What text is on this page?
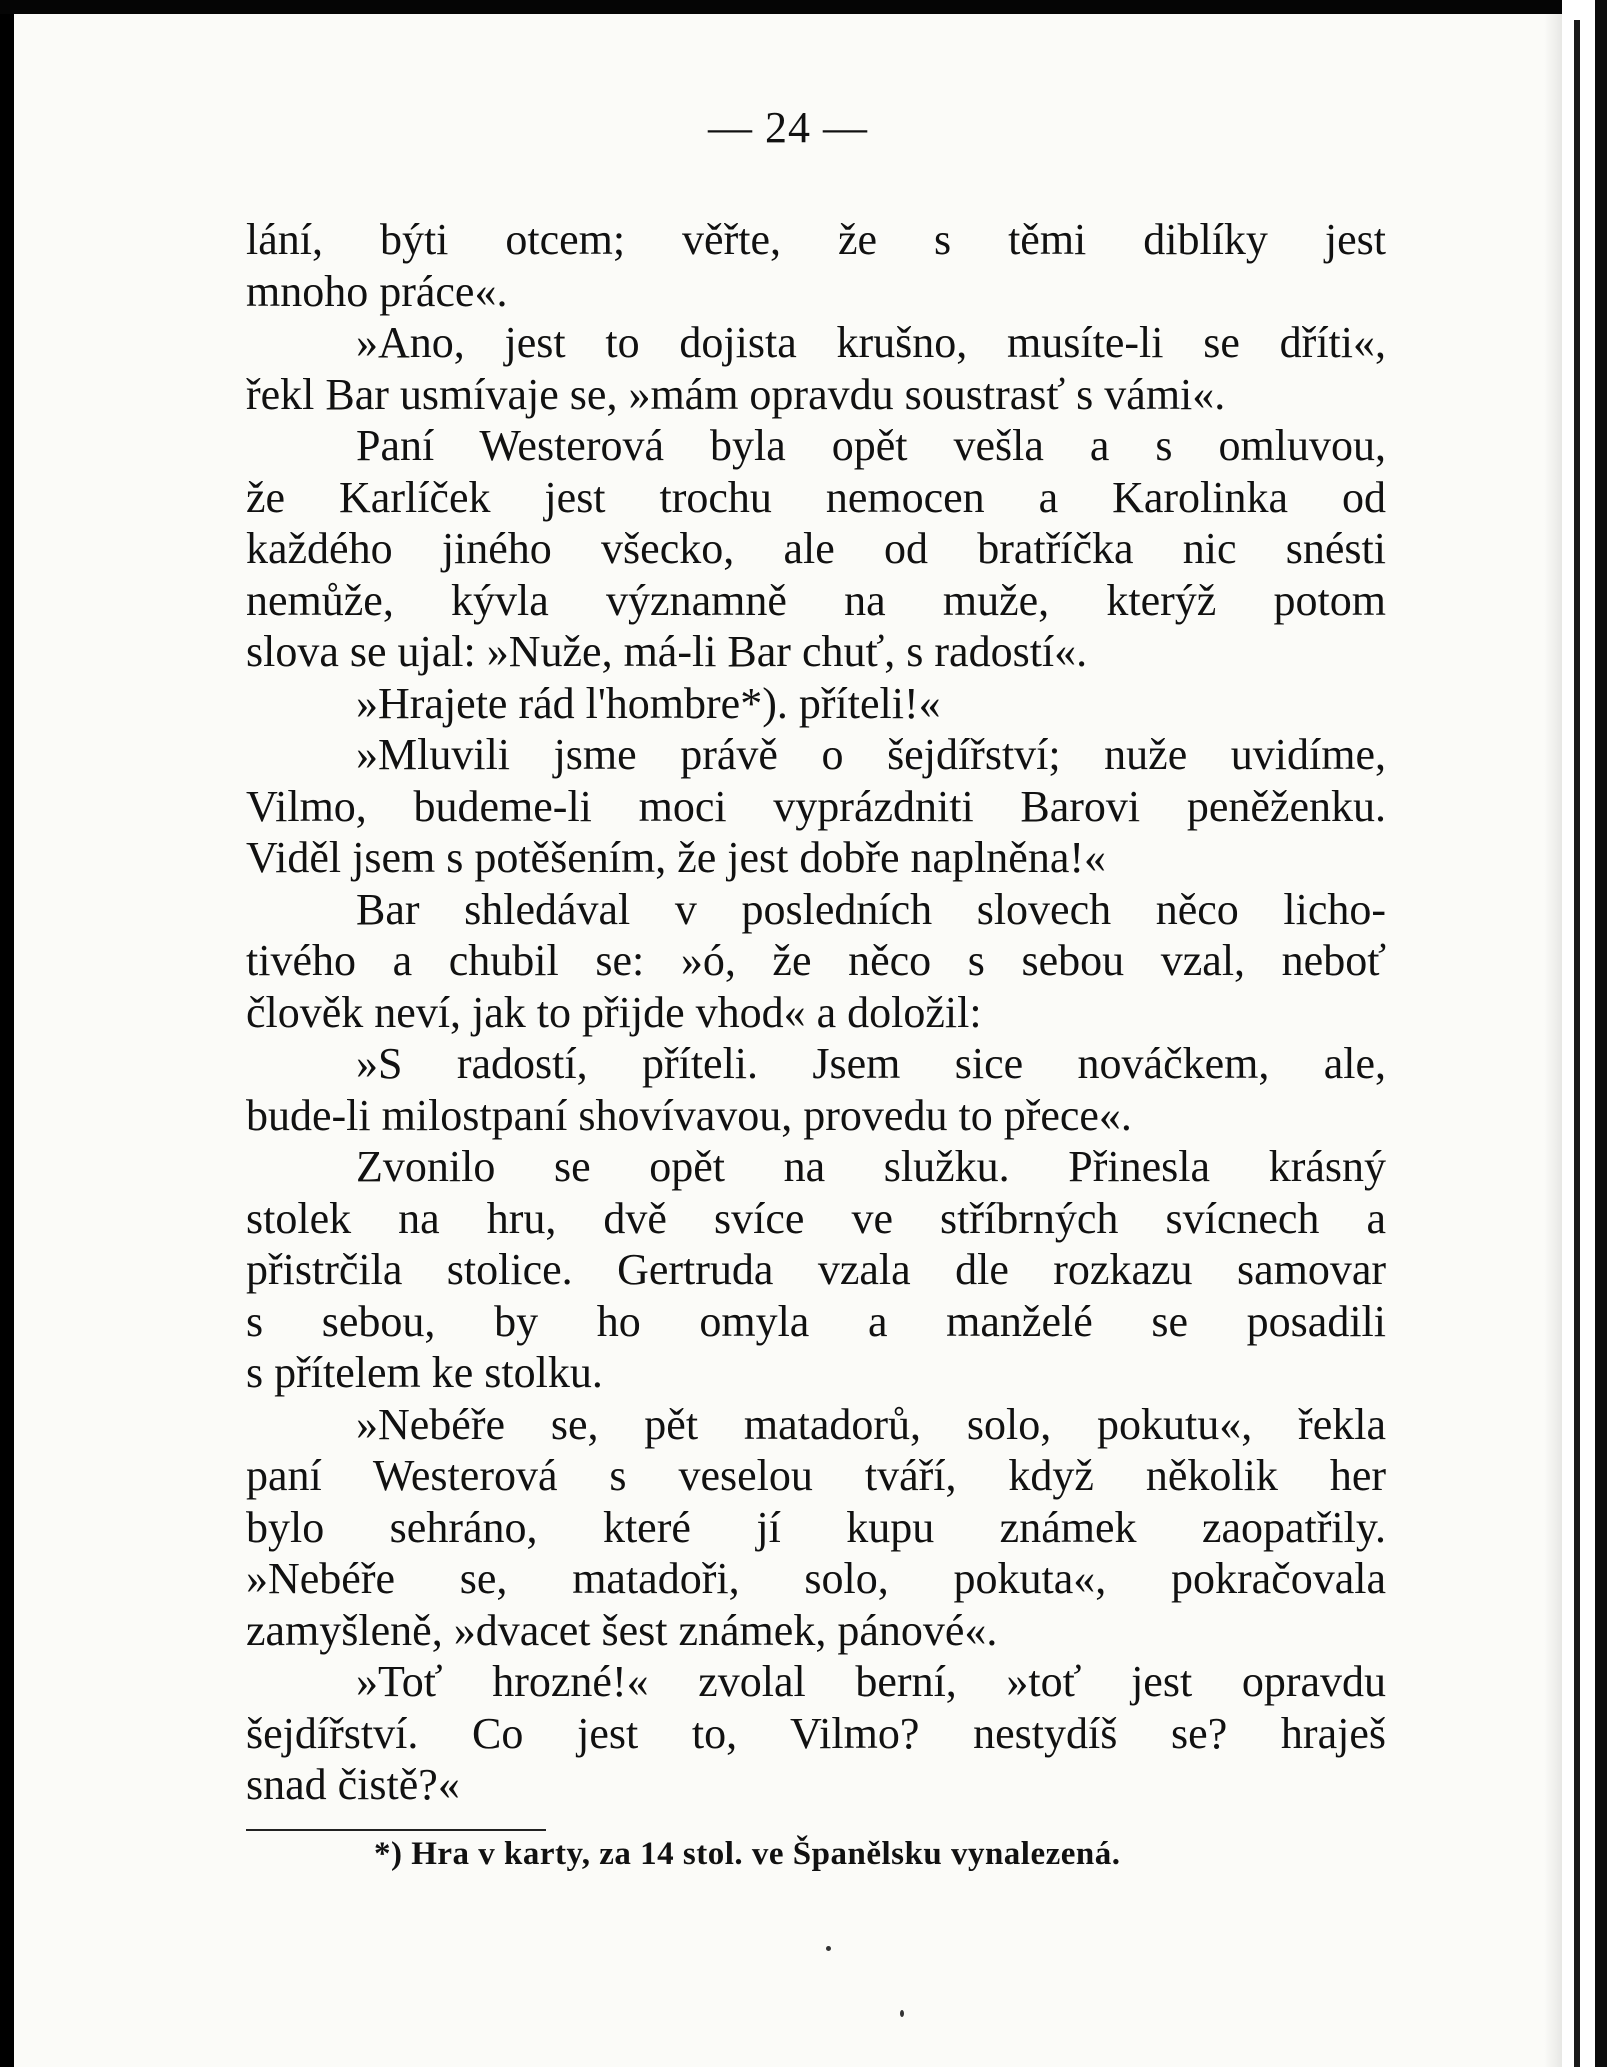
— 24 —
lání, býti otcem; věřte, že s těmi diblíky jest
mnoho práce«.
»Ano, jest to dojista krušno, musíte-li se dříti«,
řekl Bar usmívaje se, »mám opravdu soustrasť s vámi«.
Paní Westerová byla opět vešla a s omluvou,
že Karlíček jest trochu nemocen a Karolinka od
každého jiného všecko, ale od bratříčka nic snésti
nemůže, kývla významně na muže, kterýž potom
slova se ujal: »Nuže, má-li Bar chuť, s radostí«.
»Hrajete rád l'hombre*). příteli!«
»Mluvili jsme právě o šejdířství; nuže uvidíme,
Vilmo, budeme-li moci vyprázdniti Barovi peněženku.
Viděl jsem s potěšením, že jest dobře naplněna!«
Bar shledával v posledních slovech něco licho-
tivého a chubil se: »ó, že něco s sebou vzal, neboť
člověk neví, jak to přijde vhod« a doložil:
»S radostí, příteli. Jsem sice nováčkem, ale,
bude-li milostpaní shovívavou, provedu to přece«.
Zvonilo se opět na služku. Přinesla krásný
stolek na hru, dvě svíce ve stříbrných svícnech a
přistrčila stolice. Gertruda vzala dle rozkazu samovar
s sebou, by ho omyla a manželé se posadili
s přítelem ke stolku.
»Nebéře se, pět matadorů, solo, pokutu«, řekla
paní Westerová s veselou tváří, když několik her
bylo sehráno, které jí kupu známek zaopatřily.
»Nebéře se, matadoři, solo, pokuta«, pokračovala
zamyšleně, »dvacet šest známek, pánové«.
»Toť hrozné!« zvolal berní, »toť jest opravdu
šejdířství. Co jest to, Vilmo? nestydíš se? hraješ
snad čistě?«
*) Hra v karty, za 14 stol. ve Španělsku vynalezená.
